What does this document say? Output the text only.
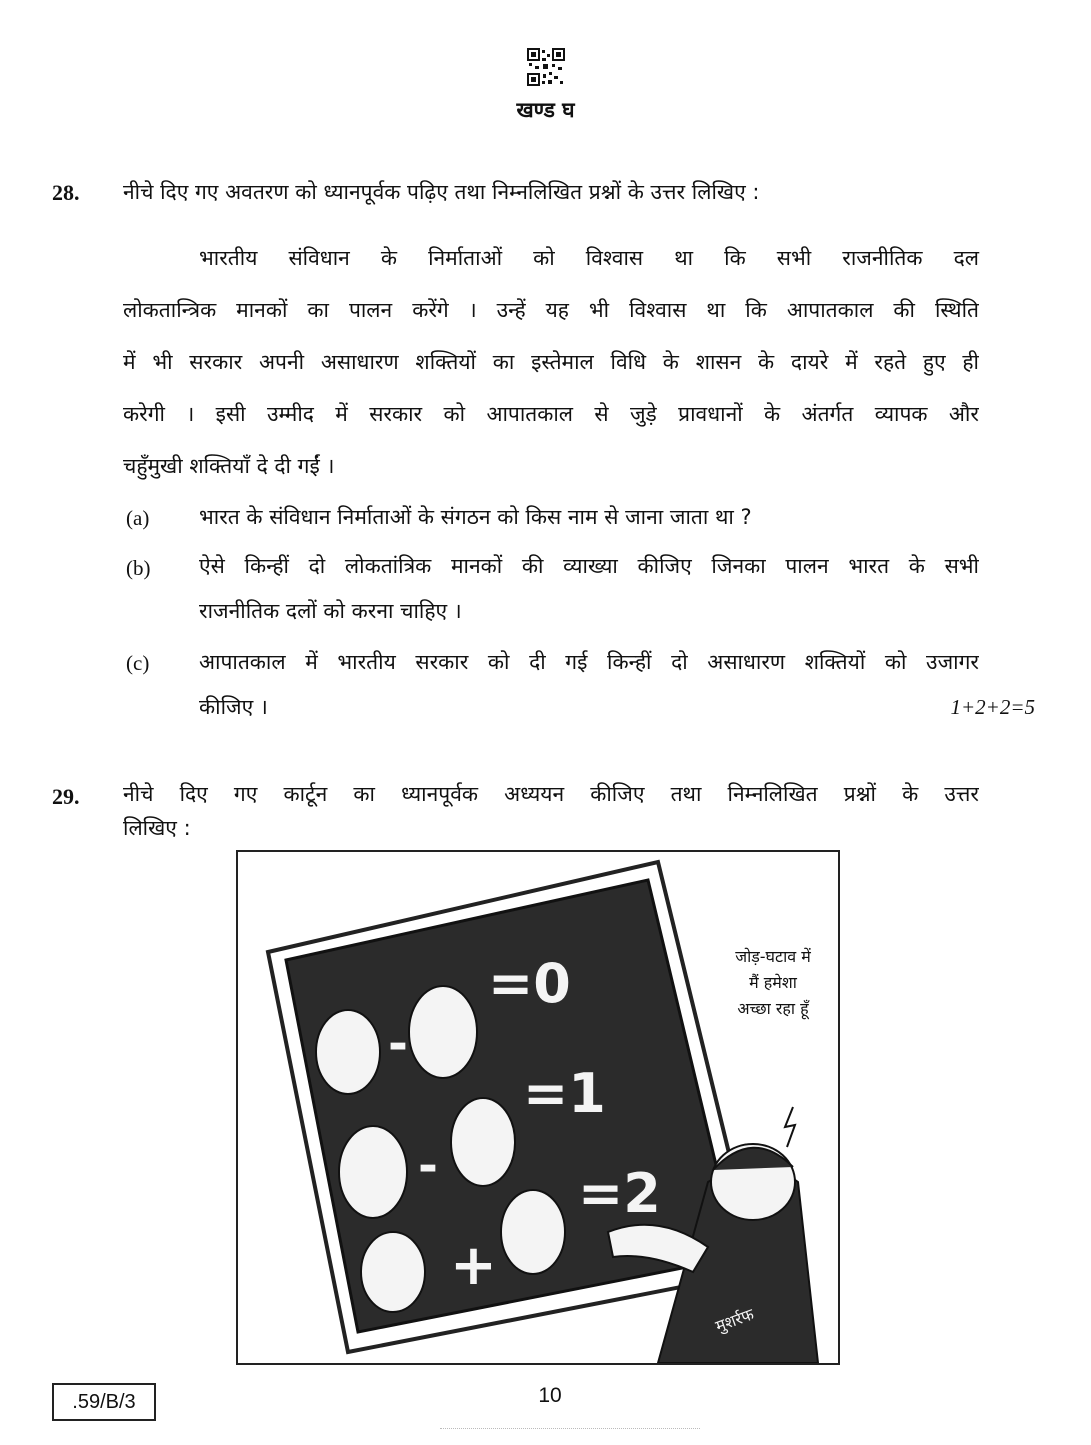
खण्ड घ
28. नीचे दिए गए अवतरण को ध्यानपूर्वक पढ़िए तथा निम्नलिखित प्रश्नों के उत्तर लिखिए :
भारतीय संविधान के निर्माताओं को विश्वास था कि सभी राजनीतिक दल
लोकतान्त्रिक मानकों का पालन करेंगे । उन्हें यह भी विश्वास था कि आपातकाल की स्थिति
में भी सरकार अपनी असाधारण शक्तियों का इस्तेमाल विधि के शासन के दायरे में रहते हुए ही
करेगी । इसी उम्मीद में सरकार को आपातकाल से जुड़े प्रावधानों के अंतर्गत व्यापक और
चहुँमुखी शक्तियाँ दे दी गईं ।
(a) भारत के संविधान निर्माताओं के संगठन को किस नाम से जाना जाता था ?
(b) ऐसे किन्हीं दो लोकतांत्रिक मानकों की व्याख्या कीजिए जिनका पालन भारत के सभी
राजनीतिक दलों को करना चाहिए ।
(c) आपातकाल में भारतीय सरकार को दी गई किन्हीं दो असाधारण शक्तियों को उजागर
कीजिए ।	1+2+2=5
29. नीचे दिए गए कार्टून का ध्यानपूर्वक अध्ययन कीजिए तथा निम्नलिखित प्रश्नों के उत्तर
लिखिए :
-
-
+
=0
=1
=2
मुशर्रफ
जोड़-घटाव में
मैं हमेशा
अच्छा रहा हूँ
.59/B/3	10
